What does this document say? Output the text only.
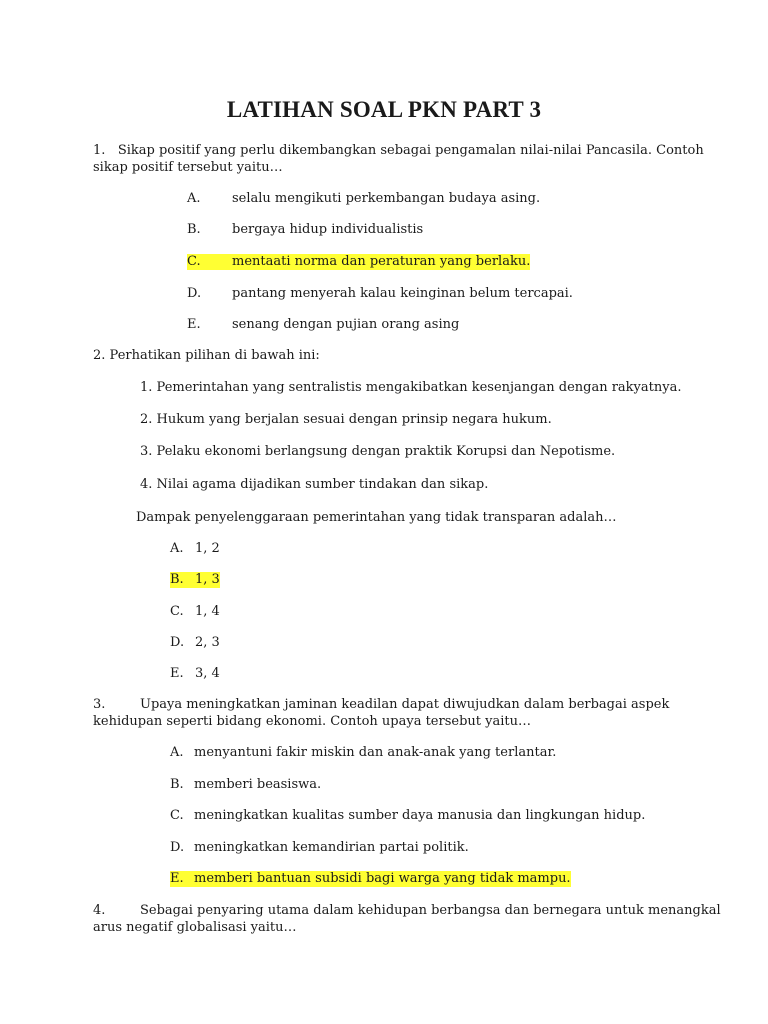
LATIHAN SOAL PKN PART 3
1. Sikap positif yang perlu dikembangkan sebagai pengamalan nilai-nilai Pancasila. Contoh
sikap positif tersebut yaitu…
A. selalu mengikuti perkembangan budaya asing.
B. bergaya hidup individualistis
C. mentaati norma dan peraturan yang berlaku.
D. pantang menyerah kalau keinginan belum tercapai.
E. senang dengan pujian orang asing
2. Perhatikan pilihan di bawah ini:
1. Pemerintahan yang sentralistis mengakibatkan kesenjangan dengan rakyatnya.
2. Hukum yang berjalan sesuai dengan prinsip negara hukum.
3. Pelaku ekonomi berlangsung dengan praktik Korupsi dan Nepotisme.
4. Nilai agama dijadikan sumber tindakan dan sikap.
Dampak penyelenggaraan pemerintahan yang tidak transparan adalah…
A. 1, 2
B. 1, 3
C. 1, 4
D. 2, 3
E. 3, 4
3.	Upaya meningkatkan jaminan keadilan dapat diwujudkan dalam berbagai aspek
kehidupan seperti bidang ekonomi. Contoh upaya tersebut yaitu…
A. menyantuni fakir miskin dan anak-anak yang terlantar.
B. memberi beasiswa.
C. meningkatkan kualitas sumber daya manusia dan lingkungan hidup.
D. meningkatkan kemandirian partai politik.
E. memberi bantuan subsidi bagi warga yang tidak mampu.
4.	Sebagai penyaring utama dalam kehidupan berbangsa dan bernegara untuk menangkal
arus negatif globalisasi yaitu…
